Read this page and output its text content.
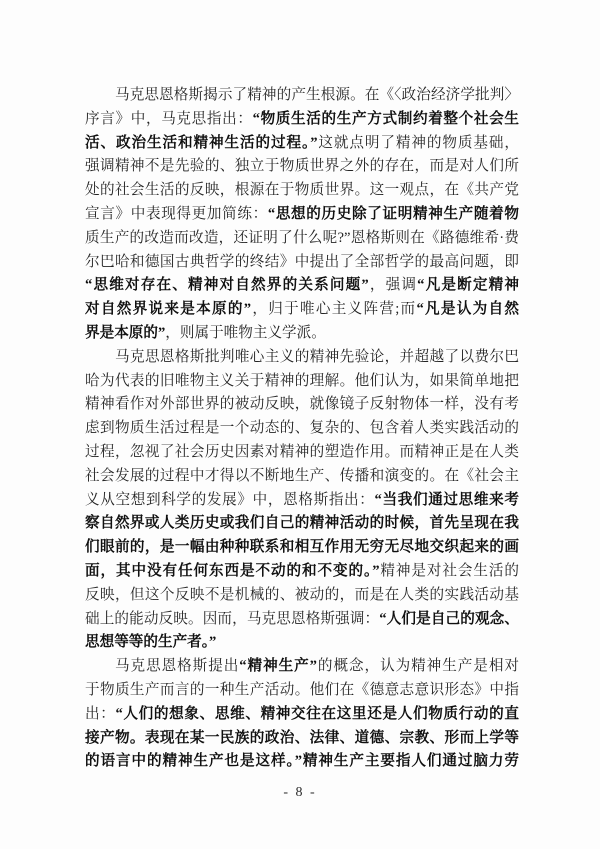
马克思恩格斯揭示了精神的产生根源。在《〈政治经济学批判〉
序言》中，马克思指出：“物质生活的生产方式制约着整个社会生
活、政治生活和精神生活的过程。”这就点明了精神的物质基础，
强调精神不是先验的、独立于物质世界之外的存在，而是对人们所
处的社会生活的反映，根源在于物质世界。这一观点，在《共产党
宣言》中表现得更加简练：“思想的历史除了证明精神生产随着物
质生产的改造而改造，还证明了什么呢?”恩格斯则在《路德维希·费
尔巴哈和德国古典哲学的终结》中提出了全部哲学的最高问题，即
“思维对存在、精神对自然界的关系问题”，强调“凡是断定精神
对自然界说来是本原的”，归于唯心主义阵营;而“凡是认为自然
界是本原的”，则属于唯物主义学派。
马克思恩格斯批判唯心主义的精神先验论，并超越了以费尔巴
哈为代表的旧唯物主义关于精神的理解。他们认为，如果简单地把
精神看作对外部世界的被动反映，就像镜子反射物体一样，没有考
虑到物质生活过程是一个动态的、复杂的、包含着人类实践活动的
过程，忽视了社会历史因素对精神的塑造作用。而精神正是在人类
社会发展的过程中才得以不断地生产、传播和演变的。在《社会主
义从空想到科学的发展》中，恩格斯指出：“当我们通过思维来考
察自然界或人类历史或我们自己的精神活动的时候，首先呈现在我
们眼前的，是一幅由种种联系和相互作用无穷无尽地交织起来的画
面，其中没有任何东西是不动的和不变的。”精神是对社会生活的
反映，但这个反映不是机械的、被动的，而是在人类的实践活动基
础上的能动反映。因而，马克思恩格斯强调：“人们是自己的观念、
思想等等的生产者。”
马克思恩格斯提出“精神生产”的概念，认为精神生产是相对
于物质生产而言的一种生产活动。他们在《德意志意识形态》中指
出：“人们的想象、思维、精神交往在这里还是人们物质行动的直
接产物。表现在某一民族的政治、法律、道德、宗教、形而上学等
的语言中的精神生产也是这样。”精神生产主要指人们通过脑力劳
- 8 -
